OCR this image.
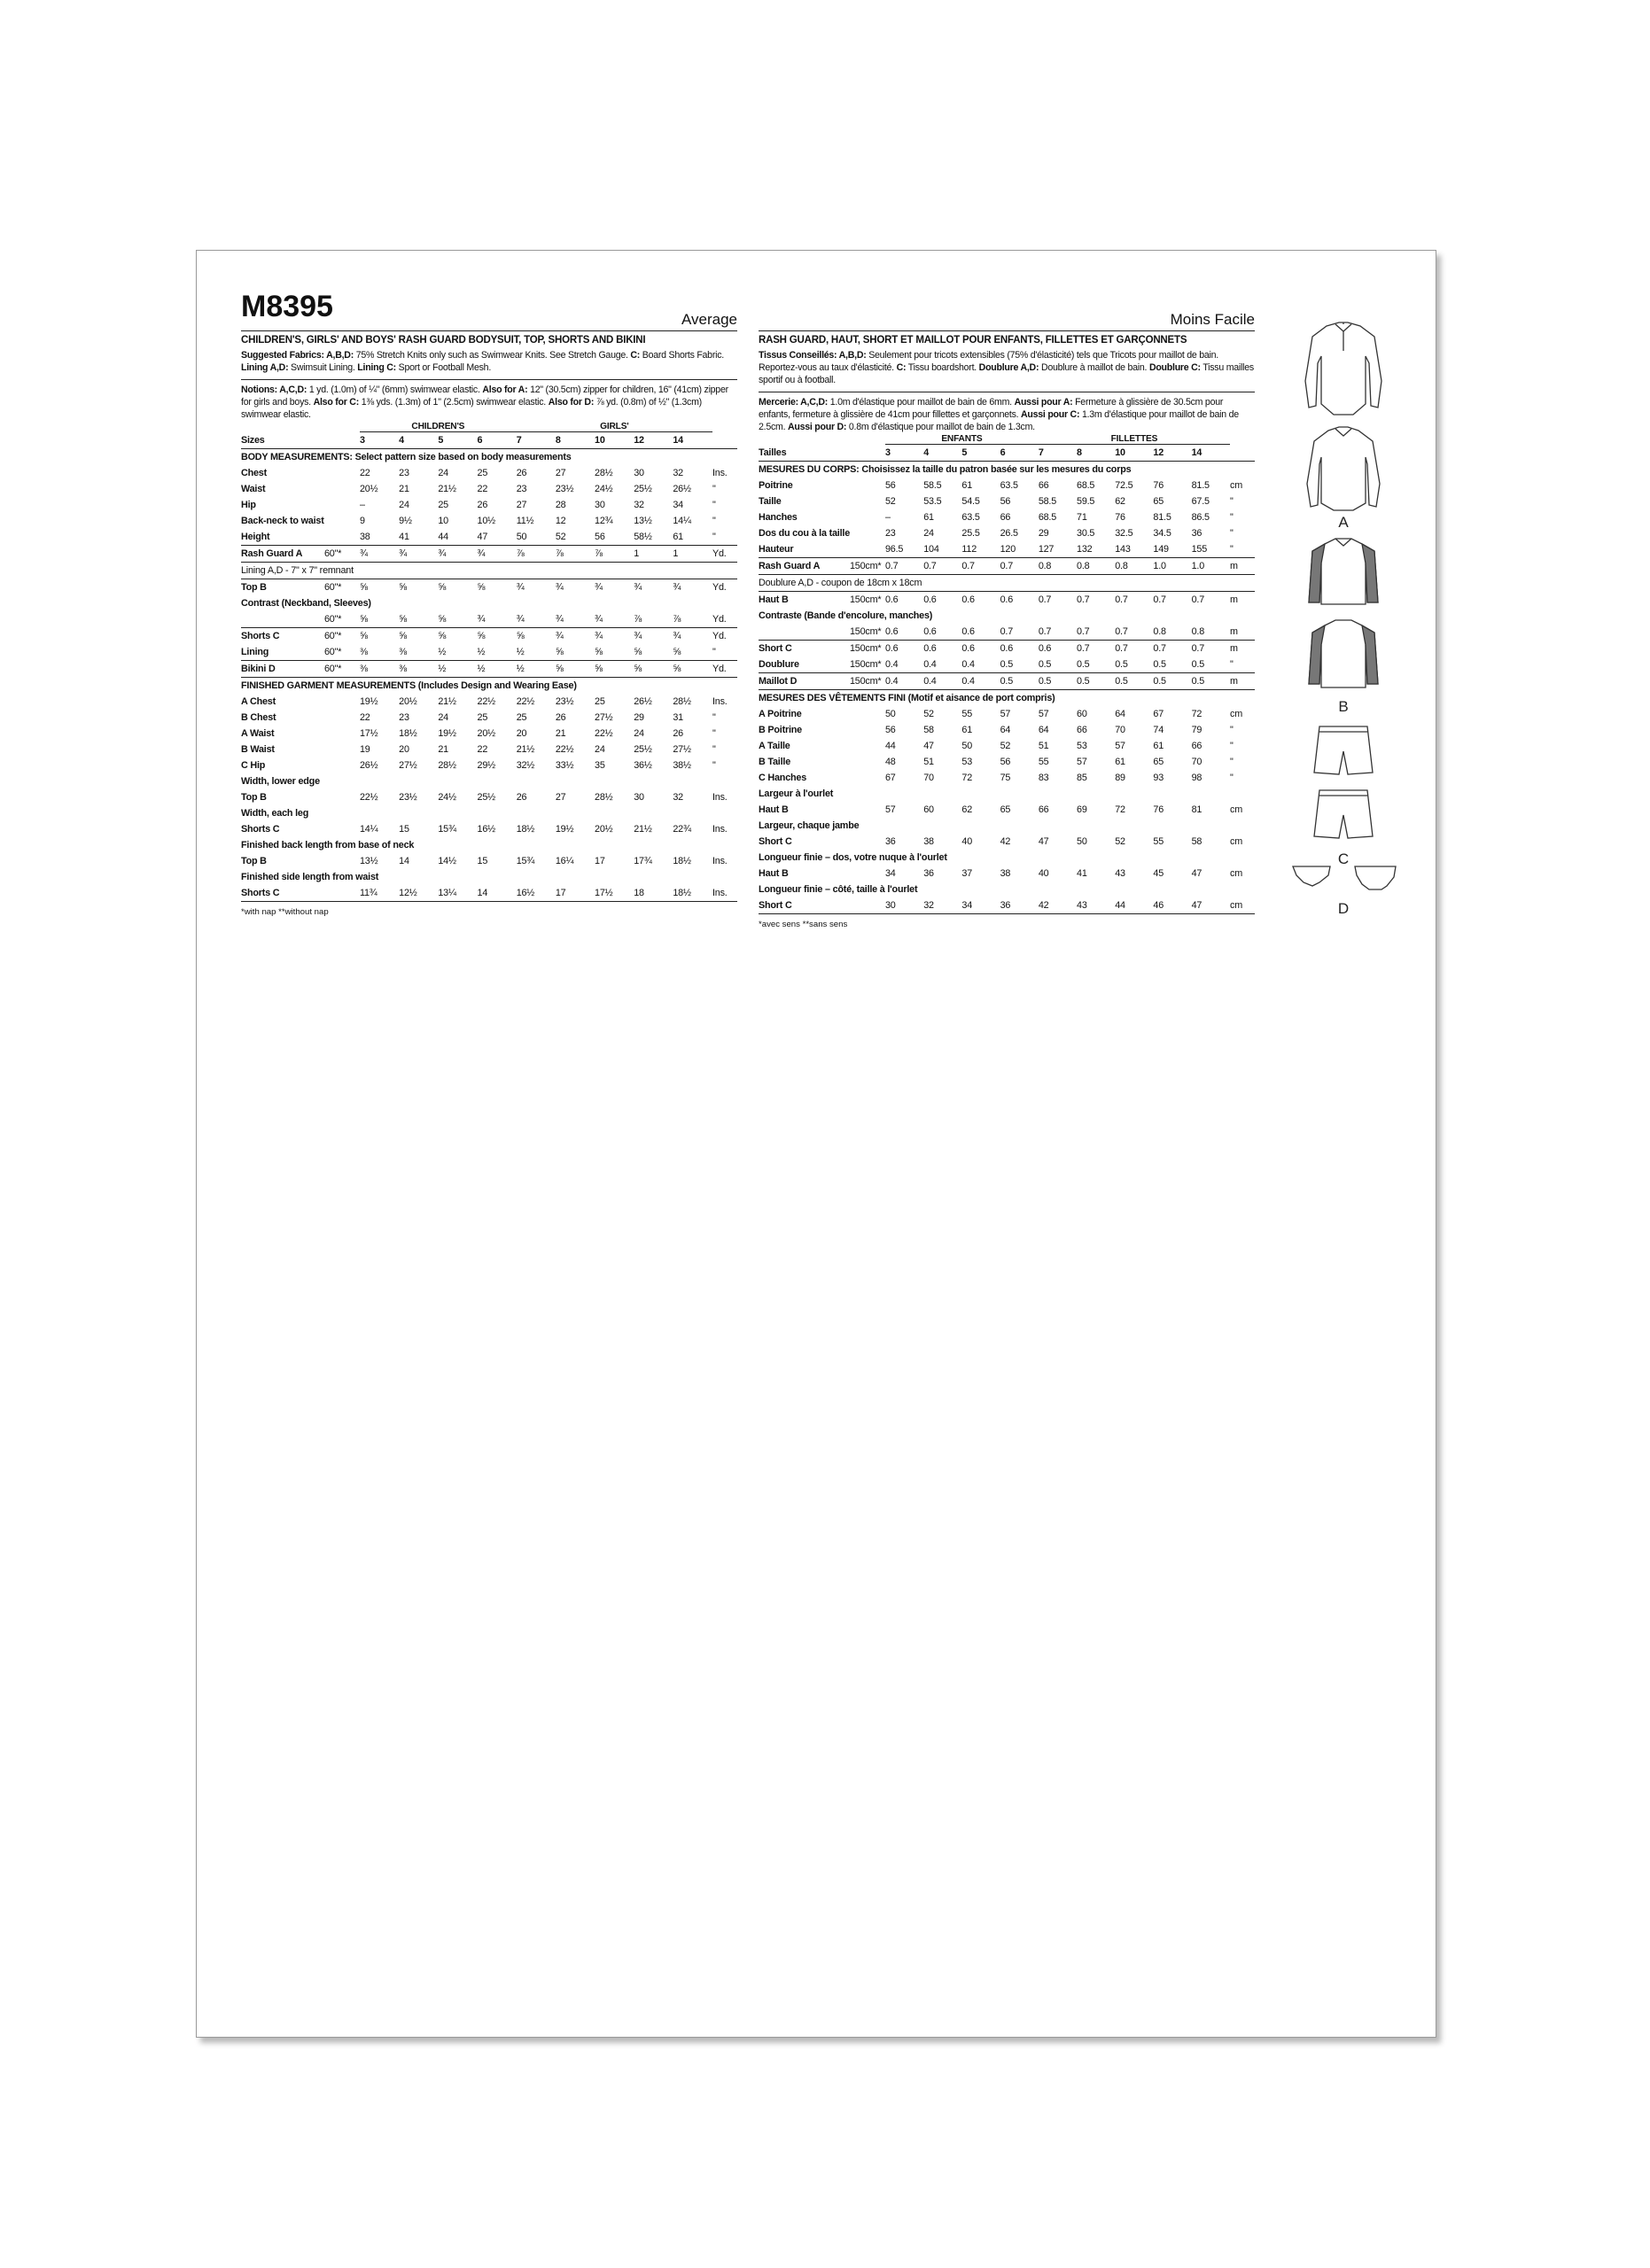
M8395	Average
CHILDREN'S, GIRLS' AND BOYS' RASH GUARD BODYSUIT, TOP, SHORTS AND BIKINI
Suggested Fabrics: A,B,D: 75% Stretch Knits only such as Swimwear Knits. See Stretch Gauge. C: Board Shorts Fabric. Lining A,D: Swimsuit Lining. Lining C: Sport or Football Mesh.
Notions: A,C,D: 1 yd. (1.0m) of ¼" (6mm) swimwear elastic. Also for A: 12" (30.5cm) zipper for children, 16" (41cm) zipper for girls and boys. Also for C: 1⅜ yds. (1.3m) of 1" (2.5cm) swimwear elastic. Also for D: ⅞ yd. (0.8m) of ½" (1.3cm) swimwear elastic.
		CHILDREN'S				GIRLS'					
Sizes		3	4	5	6	7	8	10	12	14	
BODY MEASUREMENTS: Select pattern size based on body measurements											
Chest		22	23	24	25	26	27	28½	30	32	Ins.
Waist		20½	21	21½	22	23	23½	24½	25½	26½	"
Hip		–	24	25	26	27	28	30	32	34	"
Back-neck to waist		9	9½	10	10½	11½	12	12¾	13½	14¼	"
Height		38	41	44	47	50	52	56	58½	61	"
Rash Guard A	60"*	¾	¾	¾	¾	⅞	⅞	⅞	1	1	Yd.
Lining A,D - 7" x 7" remnant											
Top B	60"*	⅝	⅝	⅝	⅝	¾	¾	¾	¾	¾	Yd.
Contrast (Neckband, Sleeves)											
	60"*	⅝	⅝	⅝	¾	¾	¾	¾	⅞	⅞	Yd.
Shorts C	60"*	⅝	⅝	⅝	⅝	⅝	¾	¾	¾	¾	Yd.
Lining	60"*	⅜	⅜	½	½	½	⅝	⅝	⅝	⅝	"
Bikini D	60"*	⅜	⅜	½	½	½	⅝	⅝	⅝	⅝	Yd.
FINISHED GARMENT MEASUREMENTS (Includes Design and Wearing Ease)											
A Chest		19½	20½	21½	22½	22½	23½	25	26½	28½	Ins.
B Chest		22	23	24	25	25	26	27½	29	31	"
A Waist		17½	18½	19½	20½	20	21	22½	24	26	"
B Waist		19	20	21	22	21½	22½	24	25½	27½	"
C Hip		26½	27½	28½	29½	32½	33½	35	36½	38½	"
Width, lower edge											
Top B		22½	23½	24½	25½	26	27	28½	30	32	Ins.
Width, each leg											
Shorts C		14¼	15	15¾	16½	18½	19½	20½	21½	22¾	Ins.
Finished back length from base of neck											
Top B		13½	14	14½	15	15¾	16¼	17	17¾	18½	Ins.
Finished side length from waist											
Shorts C		11¾	12½	13¼	14	16½	17	17½	18	18½	Ins.
*with nap **without nap
Moins Facile
RASH GUARD, HAUT, SHORT ET MAILLOT POUR ENFANTS, FILLETTES ET GARÇONNETS
Tissus Conseillés: A,B,D: Seulement pour tricots extensibles (75% d'élasticité) tels que Tricots pour maillot de bain. Reportez-vous au taux d'élasticité. C: Tissu boardshort. Doublure A,D: Doublure à maillot de bain. Doublure C: Tissu mailles sportif ou à football.
Mercerie: A,C,D: 1.0m d'élastique pour maillot de bain de 6mm. Aussi pour A: Fermeture à glissière de 30.5cm pour enfants, fermeture à glissière de 41cm pour fillettes et garçonnets. Aussi pour C: 1.3m d'élastique pour maillot de bain de 2.5cm. Aussi pour D: 0.8m d'élastique pour maillot de bain de 1.3cm.
		ENFANTS				FILLETTES					
Tailles		3	4	5	6	7	8	10	12	14	
MESURES DU CORPS: Choisissez la taille du patron basée sur les mesures du corps											
Poitrine		56	58.5	61	63.5	66	68.5	72.5	76	81.5	cm
Taille		52	53.5	54.5	56	58.5	59.5	62	65	67.5	"
Hanches		–	61	63.5	66	68.5	71	76	81.5	86.5	"
Dos du cou à la taille		23	24	25.5	26.5	29	30.5	32.5	34.5	36	"
Hauteur		96.5	104	112	120	127	132	143	149	155	"
Rash Guard A	150cm*	0.7	0.7	0.7	0.7	0.8	0.8	0.8	1.0	1.0	m
Doublure A,D - coupon de 18cm x 18cm											
Haut B	150cm*	0.6	0.6	0.6	0.6	0.7	0.7	0.7	0.7	0.7	m
Contraste (Bande d'encolure, manches)											
	150cm*	0.6	0.6	0.6	0.7	0.7	0.7	0.7	0.8	0.8	m
Short C	150cm*	0.6	0.6	0.6	0.6	0.6	0.7	0.7	0.7	0.7	m
Doublure	150cm*	0.4	0.4	0.4	0.5	0.5	0.5	0.5	0.5	0.5	"
Maillot D	150cm*	0.4	0.4	0.4	0.5	0.5	0.5	0.5	0.5	0.5	m
MESURES DES VÊTEMENTS FINI (Motif et aisance de port compris)											
A Poitrine		50	52	55	57	57	60	64	67	72	cm
B Poitrine		56	58	61	64	64	66	70	74	79	"
A Taille		44	47	50	52	51	53	57	61	66	"
B Taille		48	51	53	56	55	57	61	65	70	"
C Hanches		67	70	72	75	83	85	89	93	98	"
Largeur à l'ourlet											
Haut B		57	60	62	65	66	69	72	76	81	cm
Largeur, chaque jambe											
Short C		36	38	40	42	47	50	52	55	58	cm
Longueur finie – dos, votre nuque à l'ourlet											
Haut B		34	36	37	38	40	41	43	45	47	cm
Longueur finie – côté, taille à l'ourlet											
Short C		30	32	34	36	42	43	44	46	47	cm
*avec sens **sans sens
A
B
C
D
